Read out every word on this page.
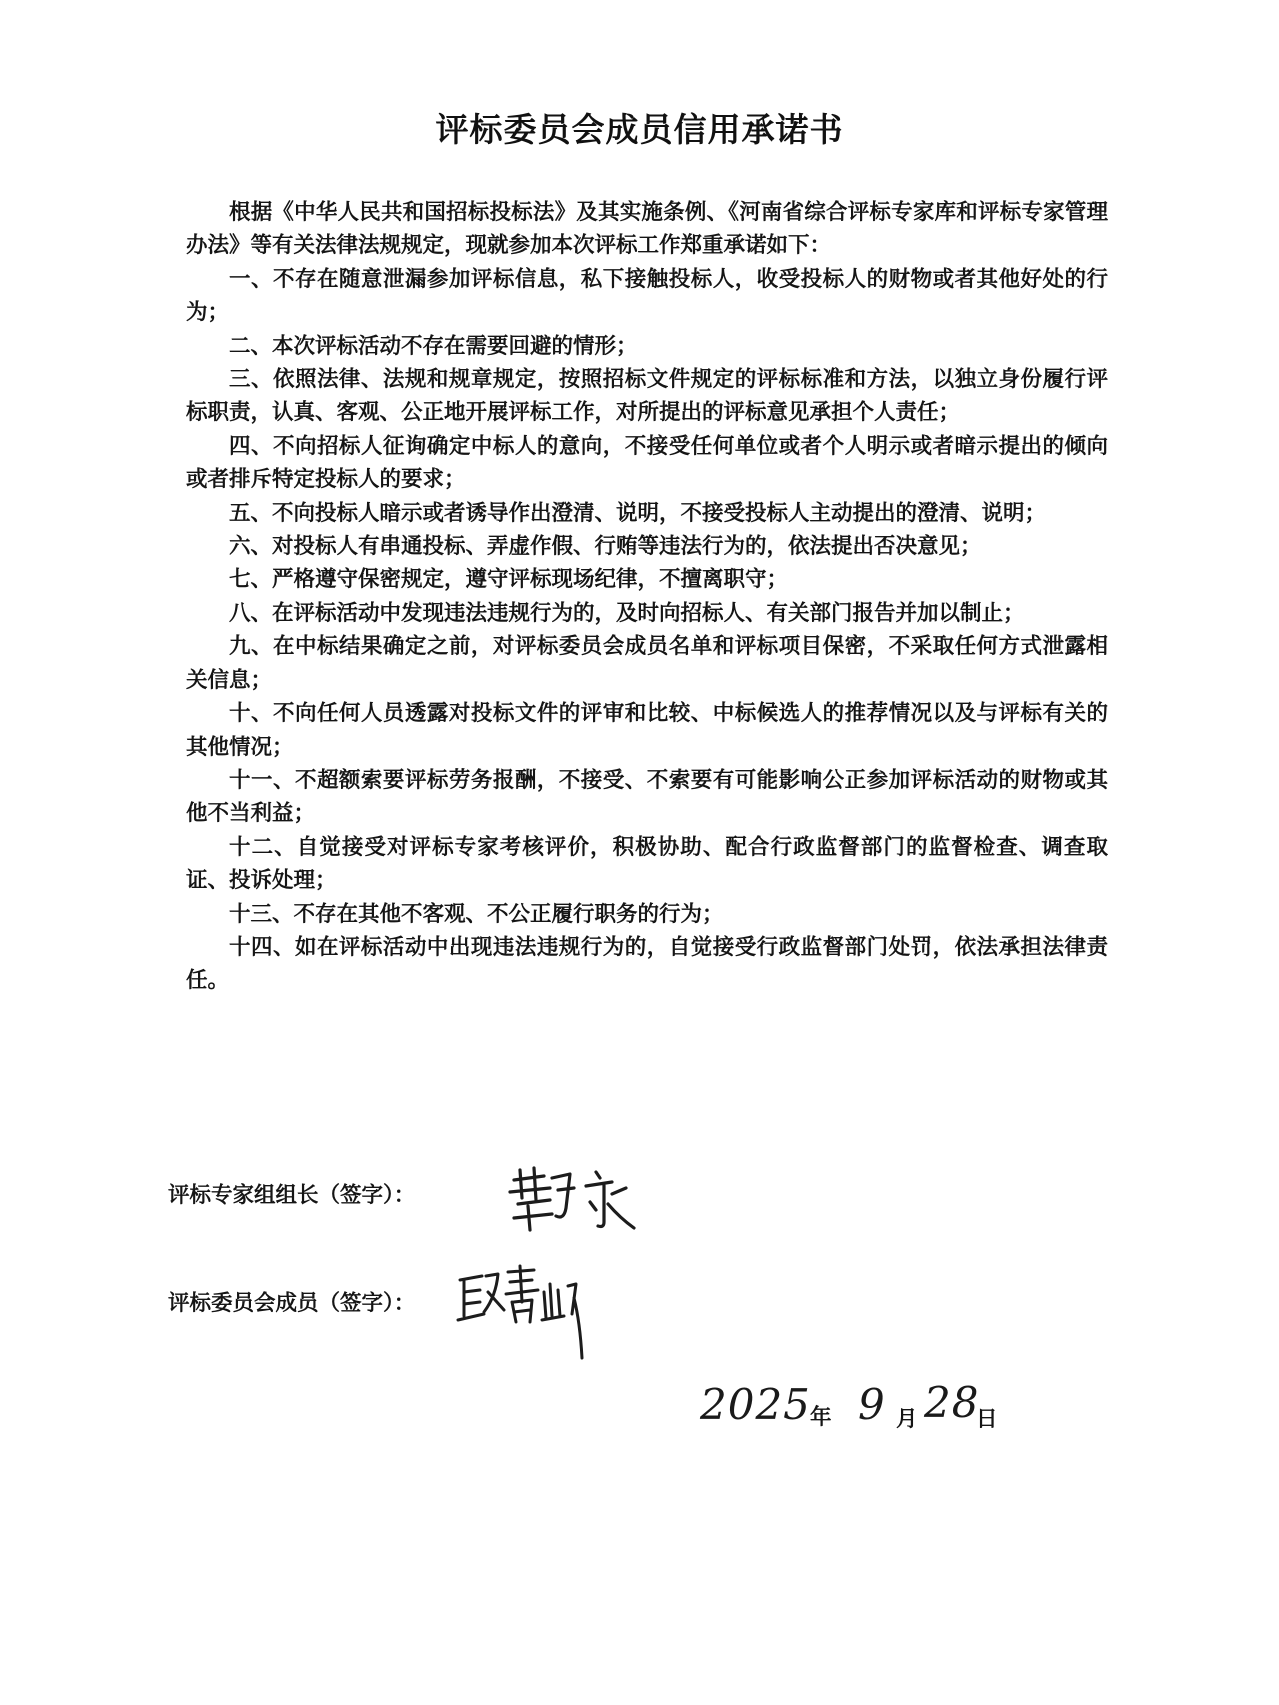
评标委员会成员信用承诺书

根据《中华人民共和国招标投标法》及其实施条例、《河南省综合评标专家库和评标专家管理办法》等有关法律法规规定，现就参加本次评标工作郑重承诺如下：

一、不存在随意泄漏参加评标信息，私下接触投标人，收受投标人的财物或者其他好处的行为；

二、本次评标活动不存在需要回避的情形；

三、依照法律、法规和规章规定，按照招标文件规定的评标标准和方法，以独立身份履行评标职责，认真、客观、公正地开展评标工作，对所提出的评标意见承担个人责任；

四、不向招标人征询确定中标人的意向，不接受任何单位或者个人明示或者暗示提出的倾向或者排斥特定投标人的要求；

五、不向投标人暗示或者诱导作出澄清、说明，不接受投标人主动提出的澄清、说明；

六、对投标人有串通投标、弄虚作假、行贿等违法行为的，依法提出否决意见；

七、严格遵守保密规定，遵守评标现场纪律，不擅离职守；

八、在评标活动中发现违法违规行为的，及时向招标人、有关部门报告并加以制止；

九、在中标结果确定之前，对评标委员会成员名单和评标项目保密，不采取任何方式泄露相关信息；

十、不向任何人员透露对投标文件的评审和比较、中标候选人的推荐情况以及与评标有关的其他情况；

十一、不超额索要评标劳务报酬，不接受、不索要有可能影响公正参加评标活动的财物或其他不当利益；

十二、自觉接受对评标专家考核评价，积极协助、配合行政监督部门的监督检查、调查取证、投诉处理；

十三、不存在其他不客观、不公正履行职务的行为；

十四、如在评标活动中出现违法违规行为的，自觉接受行政监督部门处罚，依法承担法律责任。

评标专家组组长（签字）：
评标委员会成员（签字）：
2025 年 9 月 28
日
